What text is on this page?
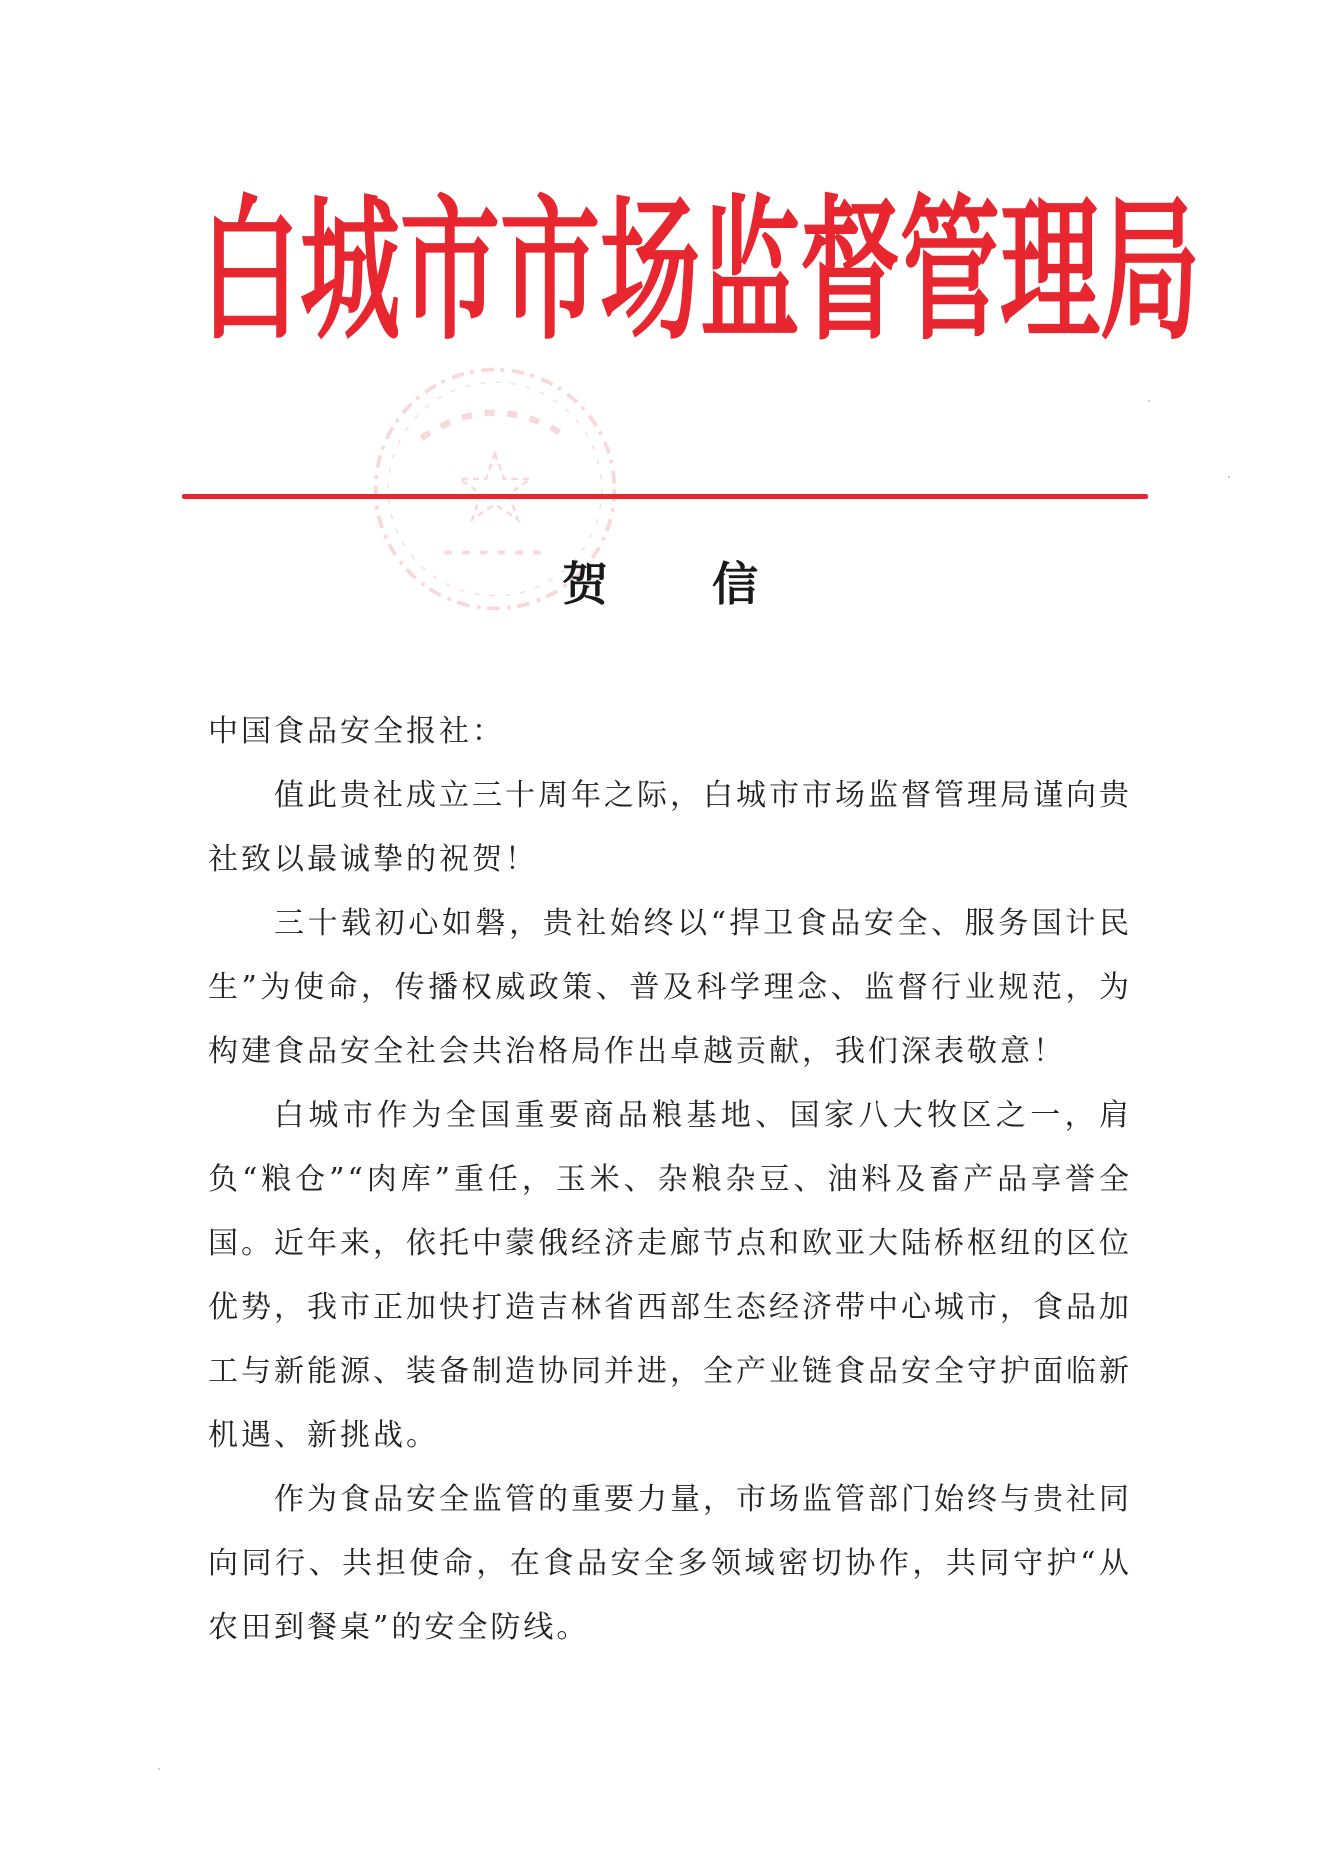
白城市市场监督管理局
贺 信

中国食品安全报社：

值此贵社成立三十周年之际，白城市市场监督管理局谨向贵社致以最诚挚的祝贺！

三十载初心如磐，贵社始终以“捍卫食品安全、服务国计民生”为使命，传播权威政策、普及科学理念、监督行业规范，为构建食品安全社会共治格局作出卓越贡献，我们深表敬意！

白城市作为全国重要商品粮基地、国家八大牧区之一，肩负“粮仓”“肉库”重任，玉米、杂粮杂豆、油料及畜产品享誉全国。近年来，依托中蒙俄经济走廊节点和欧亚大陆桥枢纽的区位优势，我市正加快打造吉林省西部生态经济带中心城市，食品加工与新能源、装备制造协同并进，全产业链食品安全守护面临新机遇、新挑战。

作为食品安全监管的重要力量，市场监管部门始终与贵社同向同行、共担使命，在食品安全多领域密切协作，共同守护“从农田到餐桌”的安全防线。
